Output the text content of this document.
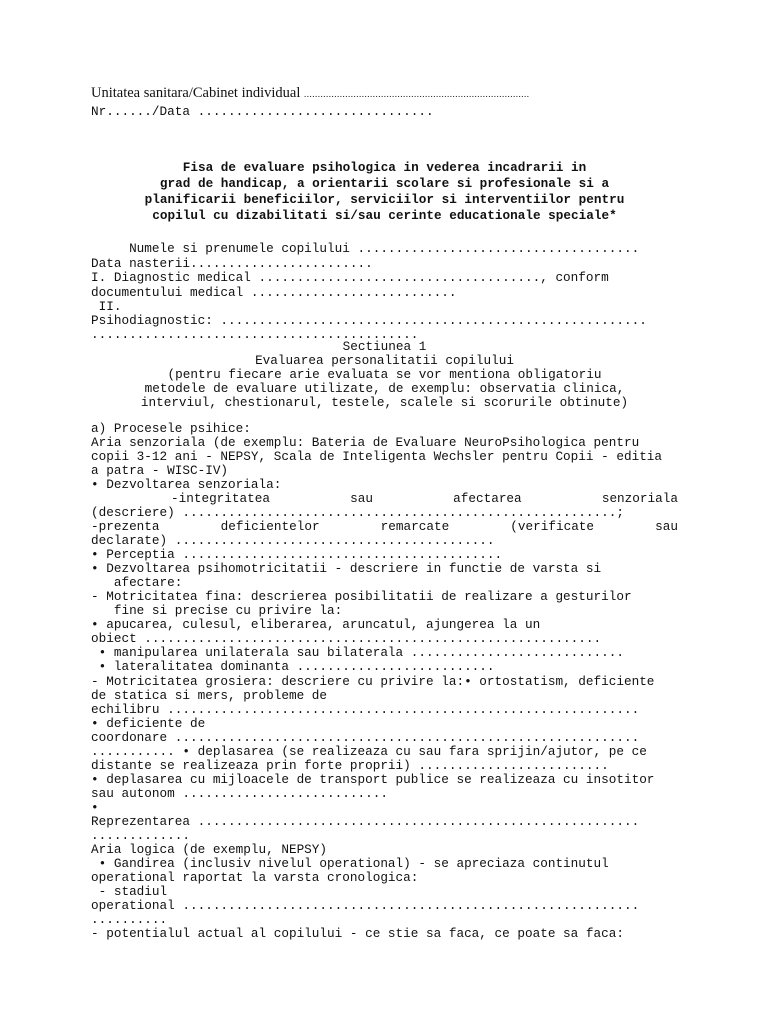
Unitatea sanitara/Cabinet individual ..................................................................................
Nr....../Data ...............................
Fisa de evaluare psihologica in vederea incadrarii in
grad de handicap, a orientarii scolare si profesionale si a
planificarii beneficiilor, serviciilor si interventiilor pentru
copilul cu dizabilitati si/sau cerinte educationale speciale*
Numele si prenumele copilului .....................................
Data nasterii........................
I. Diagnostic medical ....................................., conform
documentului medical ...........................
II.
Psihodiagnostic: ........................................................
...........................................
Sectiunea 1
Evaluarea personalitatii copilului
(pentru fiecare arie evaluata se vor mentiona obligatoriu
metodele de evaluare utilizate, de exemplu: observatia clinica,
interviul, chestionarul, testele, scalele si scorurile obtinute)
a) Procesele psihice:
Aria senzoriala (de exemplu: Bateria de Evaluare NeuroPsihologica pentru
copii 3-12 ani - NEPSY, Scala de Inteligenta Wechsler pentru Copii - editia
a patra - WISC-IV)
• Dezvoltarea senzoriala:
-integritatea	sau	afectarea	senzoriala
(descriere) .........................................................;
-prezenta	deficientelor	remarcate	(verificate	sau
declarate) ..........................................
• Perceptia ..........................................
• Dezvoltarea psihomotricitatii - descriere in functie de varsta si
afectare:
- Motricitatea fina: descrierea posibilitatii de realizare a gesturilor
fine si precise cu privire la:
• apucarea, culesul, eliberarea, aruncatul, ajungerea la un
obiect ............................................................
• manipularea unilaterala sau bilaterala ............................
• lateralitatea dominanta ..........................
- Motricitatea grosiera: descriere cu privire la:• ortostatism, deficiente
de statica si mers, probleme de
echilibru ..............................................................
• deficiente de
coordonare .............................................................
........... • deplasarea (se realizeaza cu sau fara sprijin/ajutor, pe ce
distante se realizeaza prin forte proprii) .........................
• deplasarea cu mijloacele de transport publice se realizeaza cu insotitor
sau autonom ...........................
•
Reprezentarea ..........................................................
.............
Aria logica (de exemplu, NEPSY)
• Gandirea (inclusiv nivelul operational) - se apreciaza continutul
operational raportat la varsta cronologica:
- stadiul
operational ............................................................
..........
- potentialul actual al copilului - ce stie sa faca, ce poate sa faca:
